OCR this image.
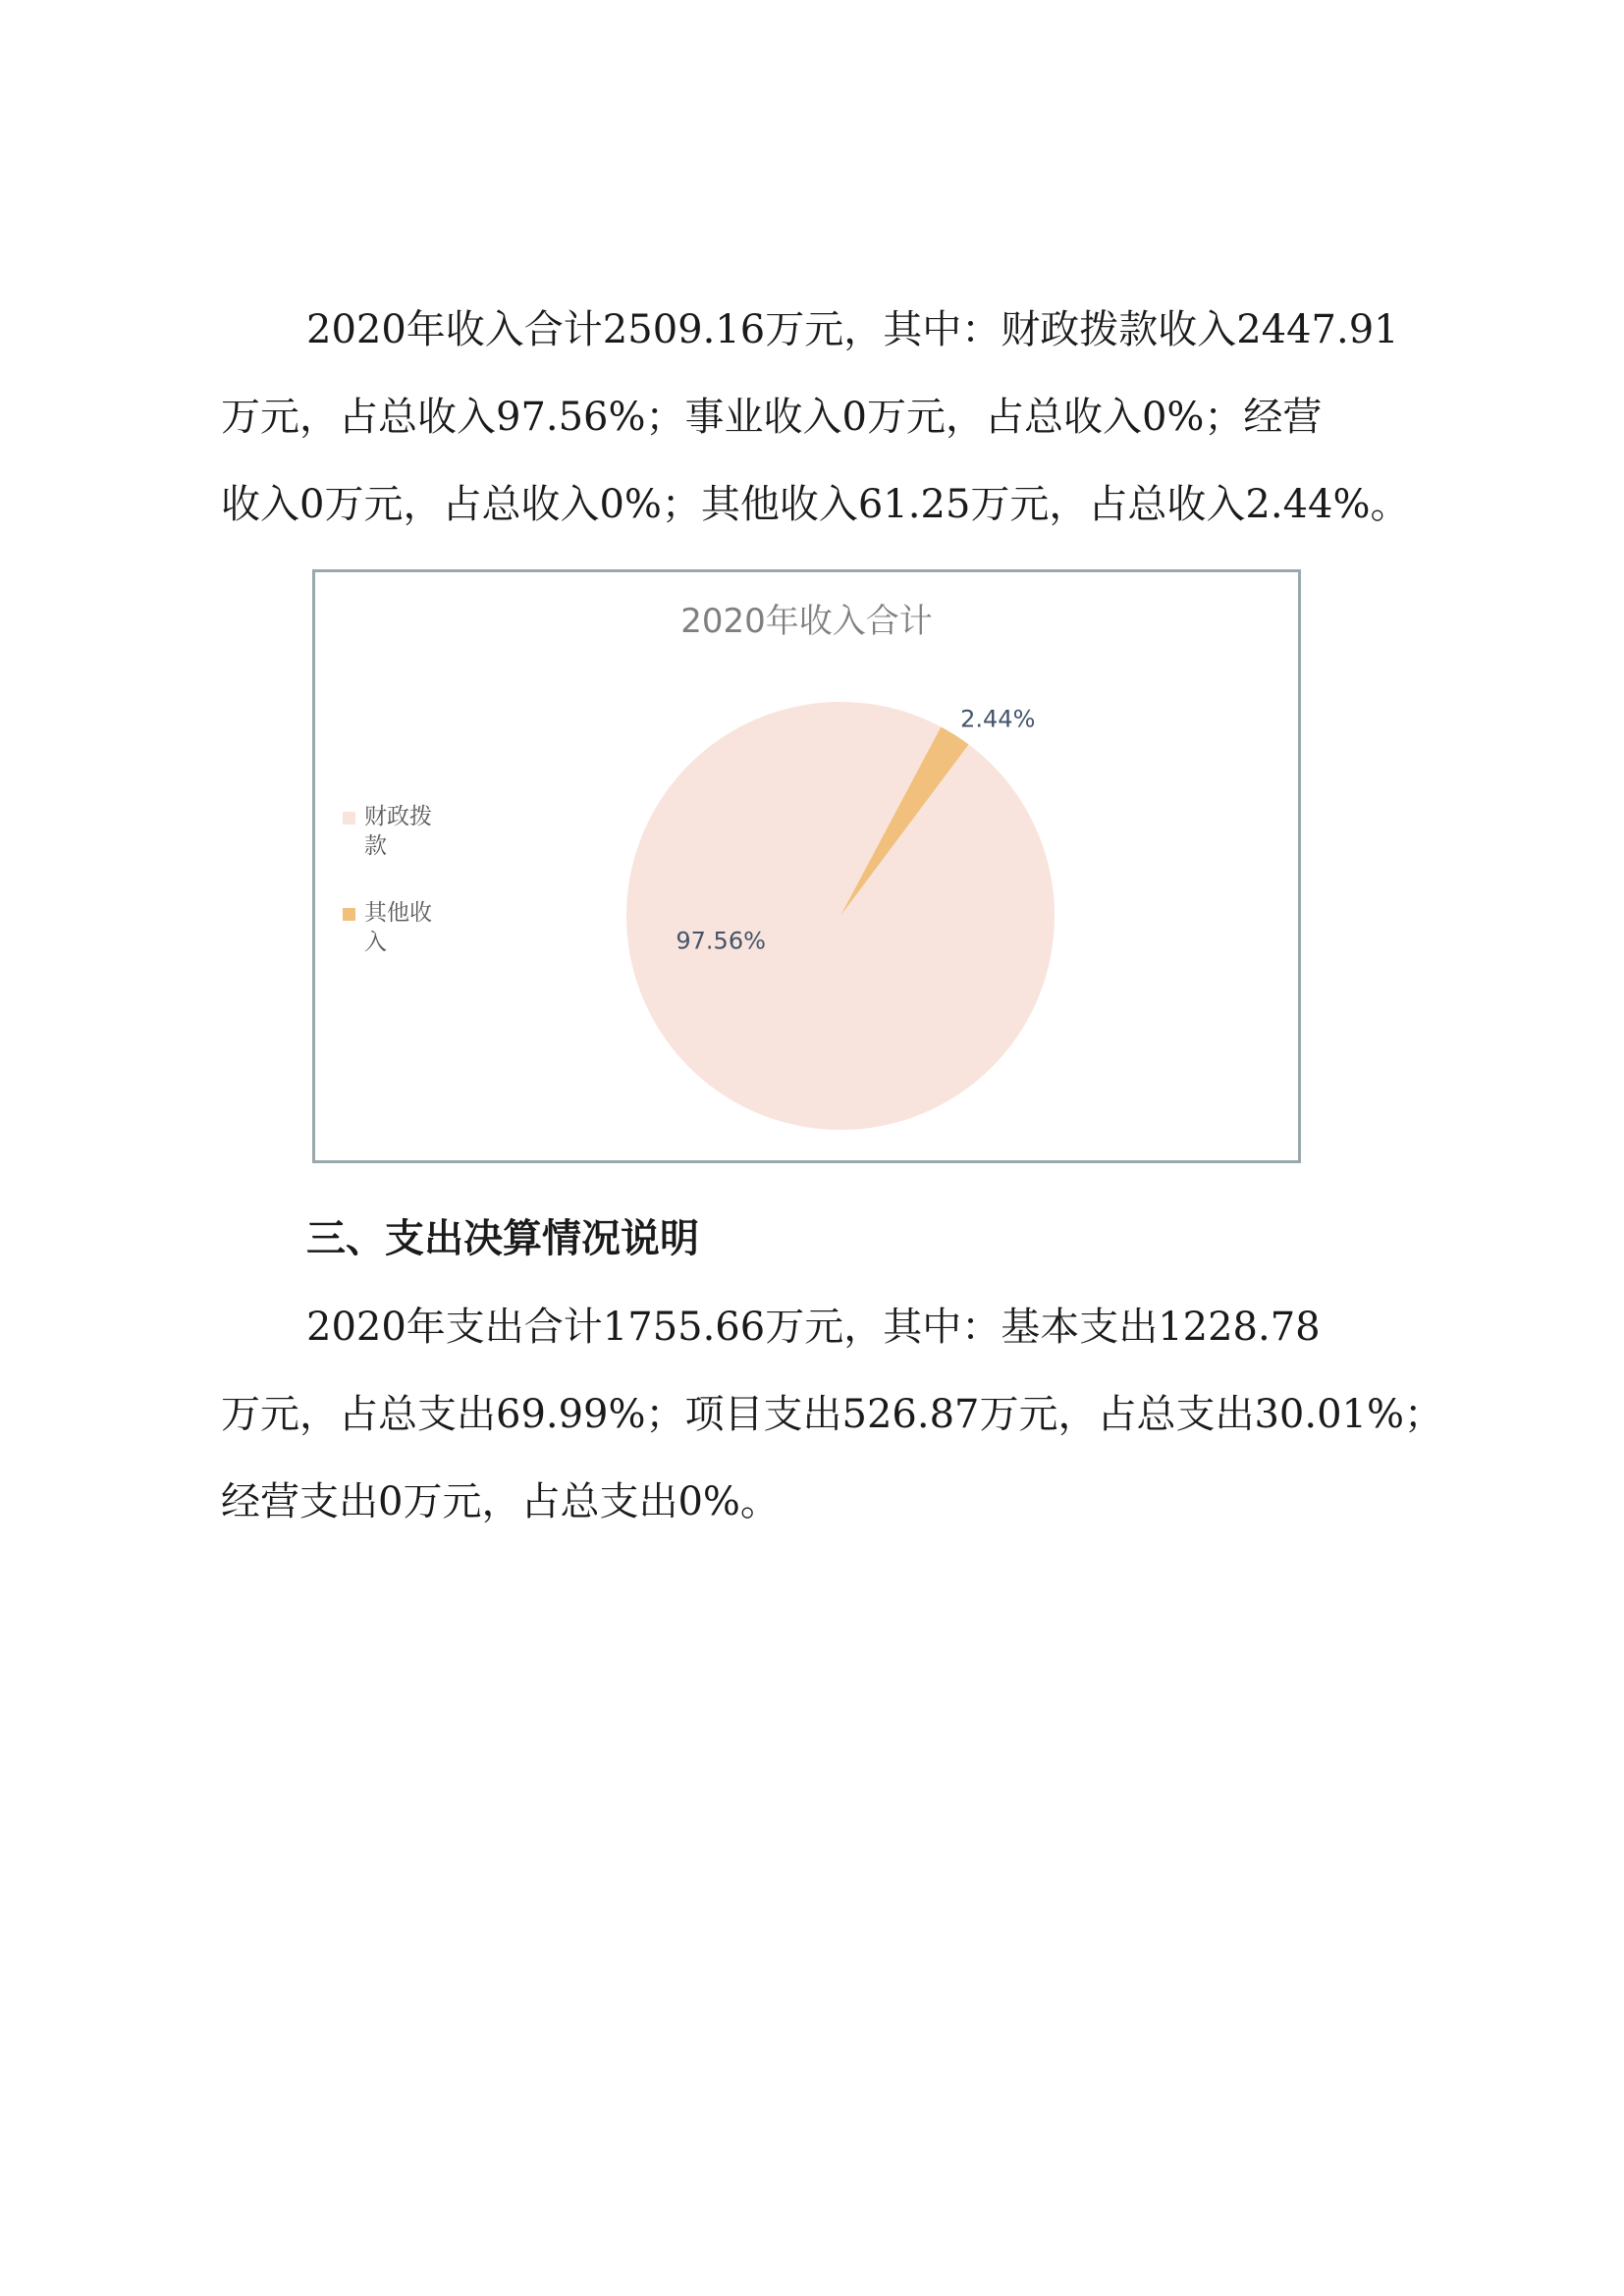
2020年收入合计2509.16万元，其中：财政拨款收入2447.91
万元，占总收入97.56%；事业收入0万元，占总收入0%；经营
收入0万元，占总收入0%；其他收入61.25万元，占总收入2.44%。
2020年收入合计
财政拨款
其他收入	97.56%
2.44%
三、支出决算情况说明
2020年支出合计1755.66万元，其中：基本支出1228.78
万元，占总支出69.99%；项目支出526.87万元，占总支出30.01%；
经营支出0万元，占总支出0%。
